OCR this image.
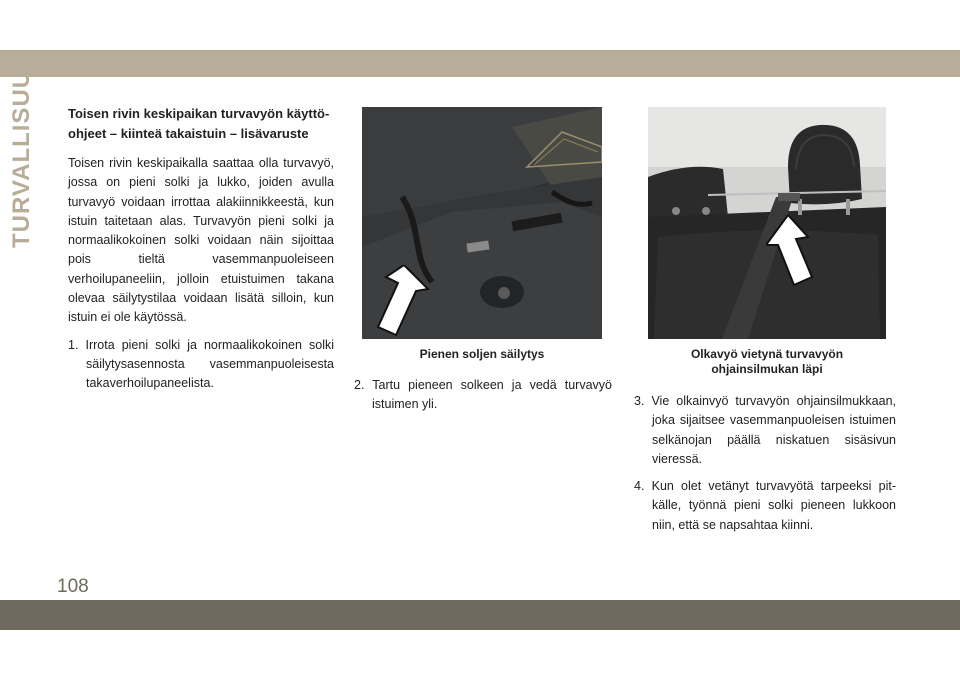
TURVALLISUUS	Toisen rivin keskipaikan turvavyön käyttöohjeet – kiinteä takaistuin – lisävaruste

Toisen rivin keskipaikalla saattaa olla turvavyö, jossa on pieni solki ja lukko, joiden avulla turvavyö voidaan irrottaa alakiinnikkeestä, kun istuin taitetaan alas. Turvavyön pieni solki ja normaalikokoinen solki voidaan näin sijoittaa pois tieltä vasemmanpuoleiseen verhoilupaneeliin, jolloin etuistuimen takana olevaa säilytystilaa voidaan lisätä silloin, kun istuin ei ole käytössä.

1. Irrota pieni solki ja normaalikokoinen solki säilytysasennosta vasemmanpuoleisesta takaverhoilupaneelista.

Pienen soljen säilytys	Olkavyö vietynä turvavyön ohjainsilmukan läpi

2. Tartu pieneen solkeen ja vedä turvavyö istuimen yli.	3. Vie olkainvyö turvavyön ohjainsilmukkaan, joka sijaitsee vasemmanpuoleisen istuimen selkänojan päällä niskatuen sisäsivun vieressä.

4. Kun olet vetänyt turvavyötä tarpeeksi pitkälle, työnnä pieni solki pieneen lukkoon niin, että se napsahtaa kiinni.

108
